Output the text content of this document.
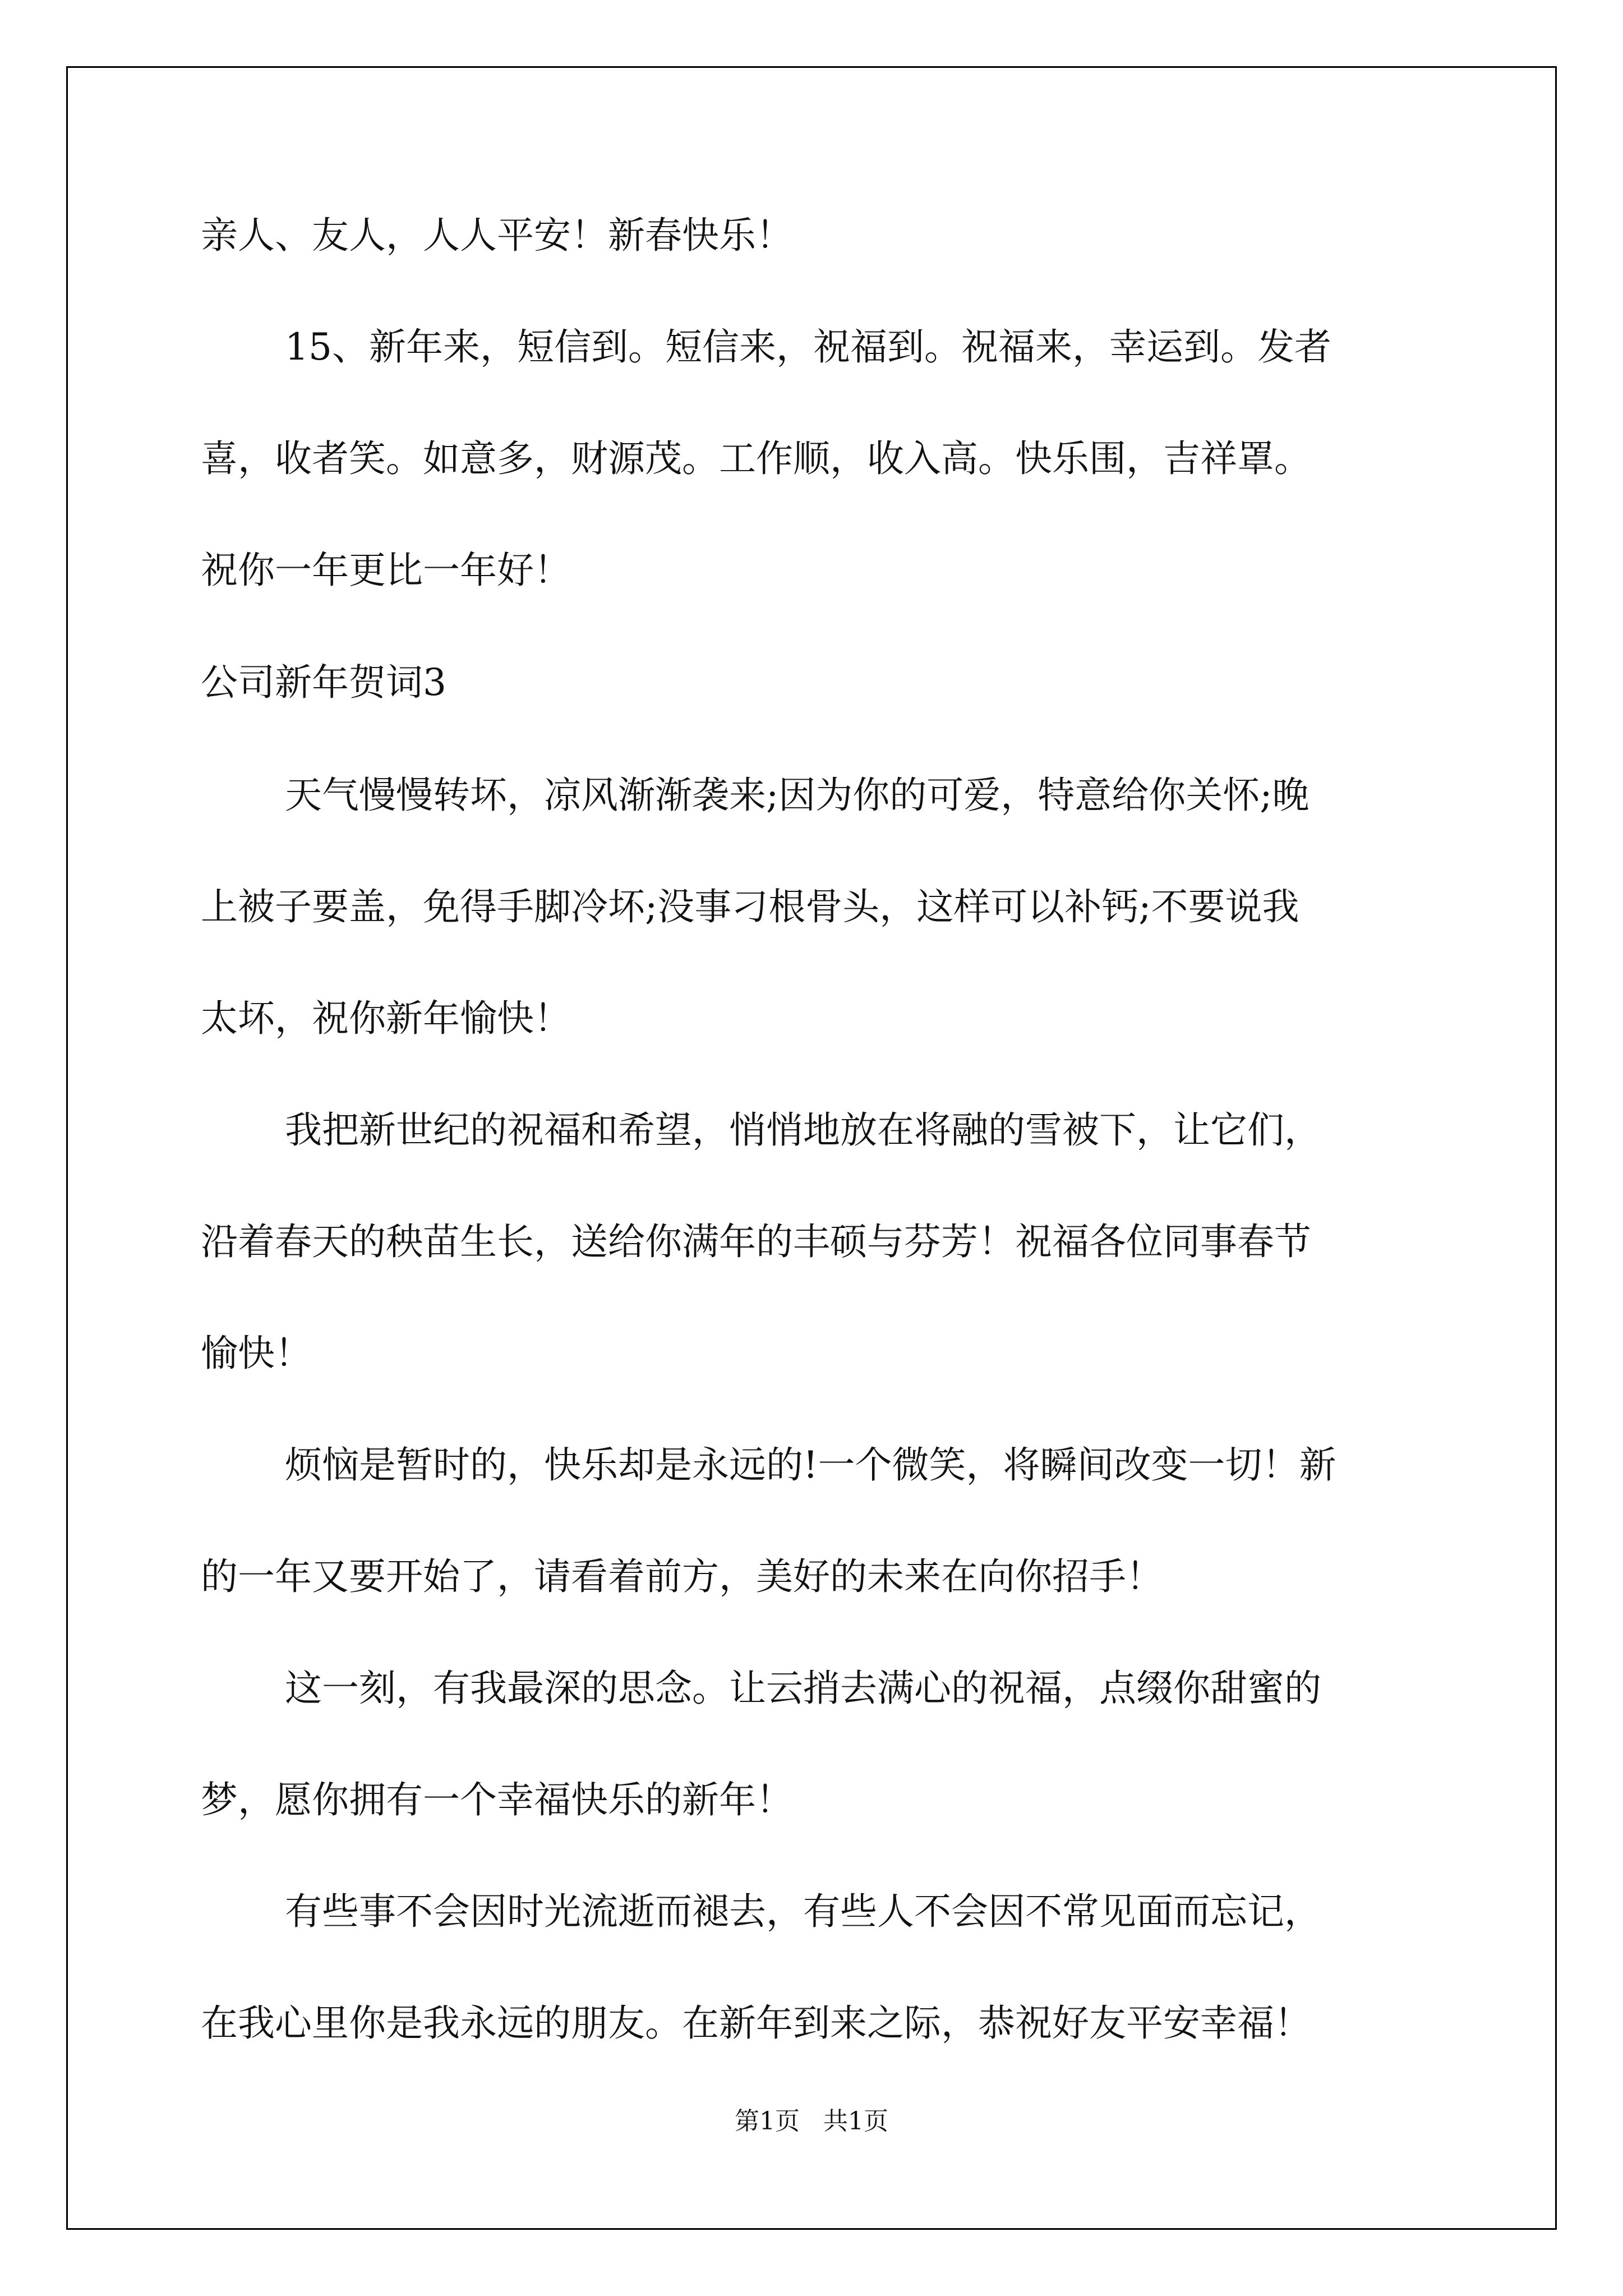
亲人、友人，人人平安！新春快乐！
15、新年来，短信到。短信来，祝福到。祝福来，幸运到。发者
喜，收者笑。如意多，财源茂。工作顺，收入高。快乐围，吉祥罩。
祝你一年更比一年好！
公司新年贺词3
天气慢慢转坏，凉风渐渐袭来;因为你的可爱，特意给你关怀;晚
上被子要盖，免得手脚冷坏;没事刁根骨头，这样可以补钙;不要说我
太坏，祝你新年愉快！
我把新世纪的祝福和希望，悄悄地放在将融的雪被下，让它们，
沿着春天的秧苗生长，送给你满年的丰硕与芬芳！祝福各位同事春节
愉快！
烦恼是暂时的，快乐却是永远的!一个微笑，将瞬间改变一切！新
的一年又要开始了，请看着前方，美好的未来在向你招手！
这一刻，有我最深的思念。让云捎去满心的祝福，点缀你甜蜜的
梦，愿你拥有一个幸福快乐的新年！
有些事不会因时光流逝而褪去，有些人不会因不常见面而忘记，
在我心里你是我永远的朋友。在新年到来之际，恭祝好友平安幸福！
第1页   共1页
